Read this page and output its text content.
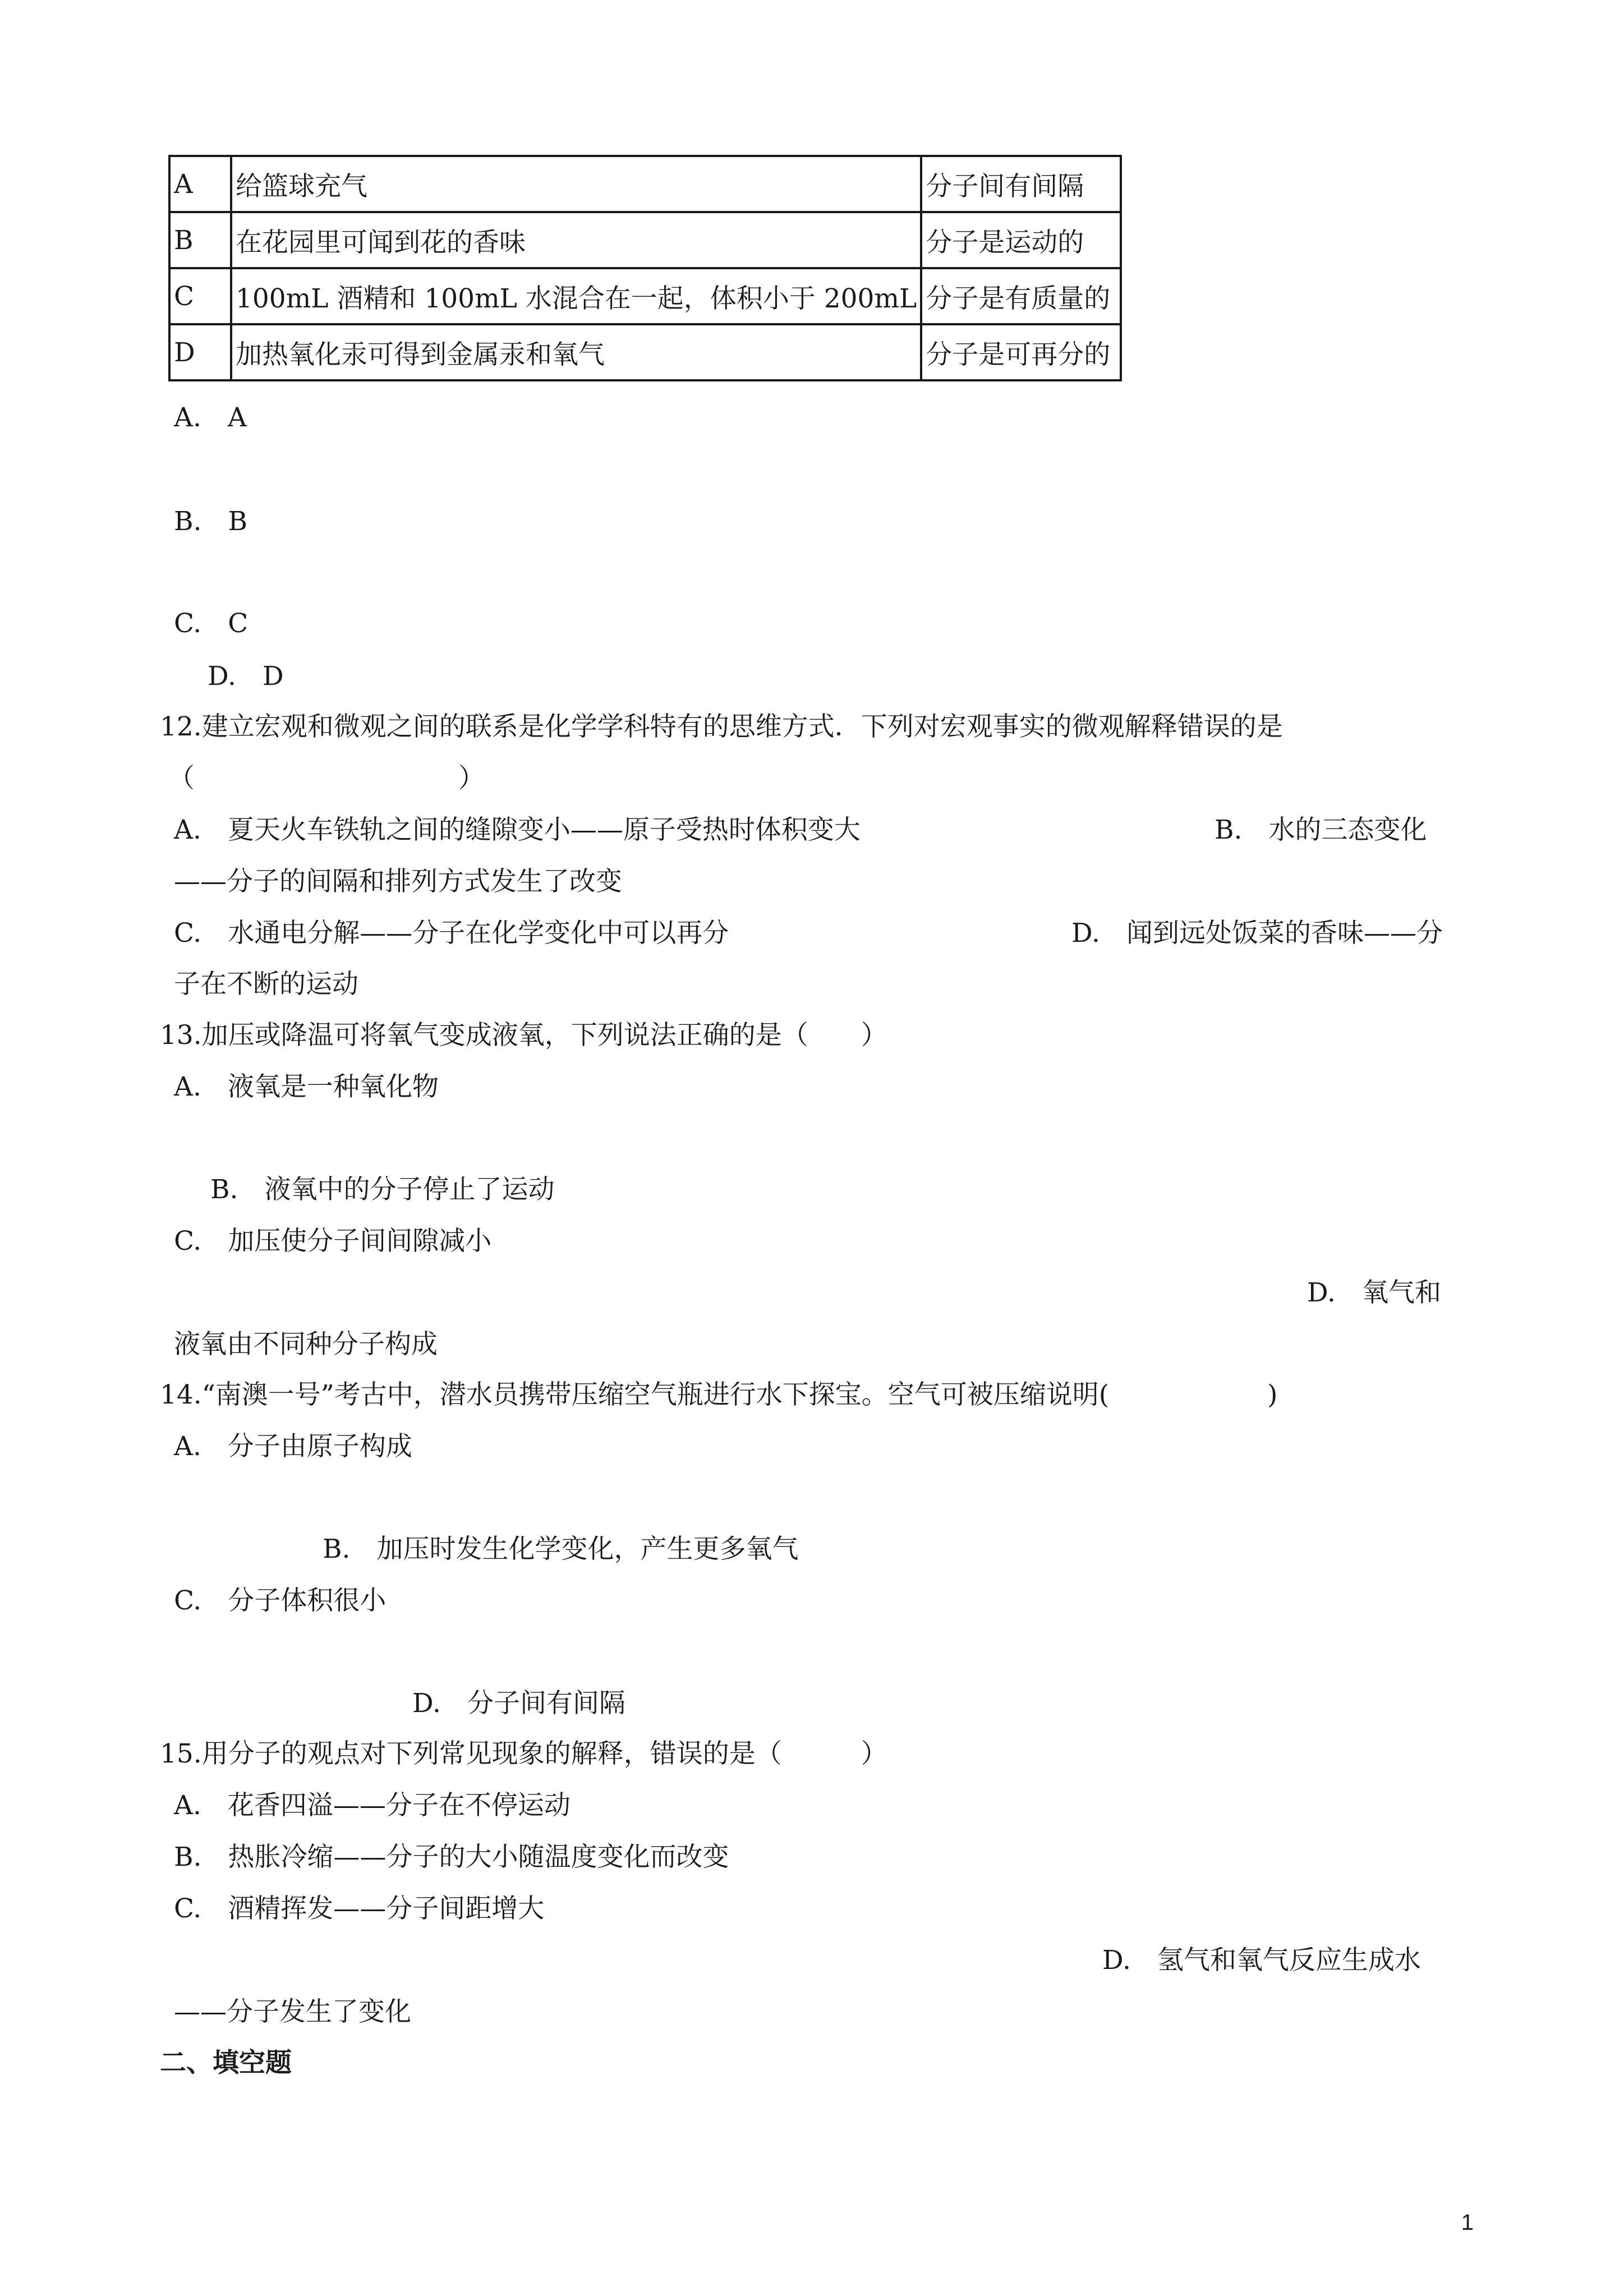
A	给篮球充气	分子间有间隔
B	在花园里可闻到花的香味	分子是运动的
C	100mL 酒精和 100mL 水混合在一起，体积小于 200mL	分子是有质量的
D	加热氧化汞可得到金属汞和氧气	分子是可再分的
A.　A
B.　B
C.　C
D.　D
12.建立宏观和微观之间的联系是化学学科特有的思维方式．下列对宏观事实的微观解释错误的是
（　　　　　　　　　　）
A.　夏天火车铁轨之间的缝隙变小——原子受热时体积变大	B.　水的三态变化
——分子的间隔和排列方式发生了改变
C.　水通电分解——分子在化学变化中可以再分	D.　闻到远处饭菜的香味——分
子在不断的运动
13.加压或降温可将氧气变成液氧，下列说法正确的是（　　）
A.　液氧是一种氧化物
B.　液氧中的分子停止了运动
C.　加压使分子间间隙减小
D.　氧气和
液氧由不同种分子构成
14.“南澳一号”考古中，潜水员携带压缩空气瓶进行水下探宝。空气可被压缩说明(　　　　　　)
A.　分子由原子构成
B.　加压时发生化学变化，产生更多氧气
C.　分子体积很小
D.　分子间有间隔
15.用分子的观点对下列常见现象的解释，错误的是（　　　）
A.　花香四溢——分子在不停运动
B.　热胀冷缩——分子的大小随温度变化而改变
C.　酒精挥发——分子间距增大
D.　氢气和氧气反应生成水
——分子发生了变化
二、填空题
1
